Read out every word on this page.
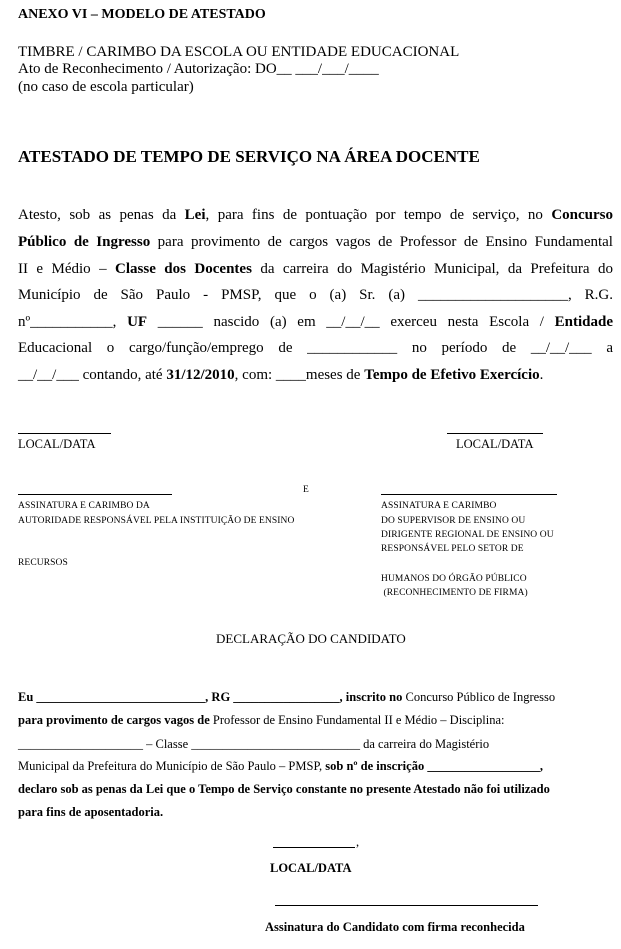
ANEXO VI – MODELO DE ATESTADO
TIMBRE / CARIMBO DA ESCOLA OU ENTIDADE EDUCACIONAL
Ato de Reconhecimento / Autorização: DO__ ___/___/____
(no caso de escola particular)
ATESTADO DE TEMPO DE SERVIÇO NA ÁREA DOCENTE
Atesto, sob as penas da Lei, para fins de pontuação por tempo de serviço, no Concurso
Público de Ingresso para provimento de cargos vagos de Professor de Ensino Fundamental
II e Médio – Classe dos Docentes da carreira do Magistério Municipal, da Prefeitura do
Município de São Paulo - PMSP, que o (a) Sr. (a) ____________________, R.G.
nº___________, UF ______ nascido (a) em __/__/__ exerceu nesta Escola / Entidade
Educacional o cargo/função/emprego de ____________ no período de __/__/___ a
__/__/___ contando, até 31/12/2010, com: ____meses de Tempo de Efetivo Exercício.
LOCAL/DATA	LOCAL/DATA
E
ASSINATURA E CARIMBO DA
AUTORIDADE RESPONSÁVEL PELA INSTITUIÇÃO DE ENSINO
RECURSOS
ASSINATURA E CARIMBO
DO SUPERVISOR DE ENSINO OU
DIRIGENTE REGIONAL DE ENSINO OU
RESPONSÁVEL PELO SETOR DE
HUMANOS DO ÓRGÃO PÚBLICO
(RECONHECIMENTO DE FIRMA)
DECLARAÇÃO DO CANDIDATO
Eu ___________________________, RG _________________, inscrito no Concurso Público de Ingresso
para provimento de cargos vagos de Professor de Ensino Fundamental II e Médio – Disciplina:
____________________ – Classe ___________________________ da carreira do Magistério
Municipal da Prefeitura do Município de São Paulo – PMSP, sob nº de inscrição __________________,
declaro sob as penas da Lei que o Tempo de Serviço constante no presente Atestado não foi utilizado
para fins de aposentadoria.
,
LOCAL/DATA
Assinatura do Candidato com firma reconhecida
